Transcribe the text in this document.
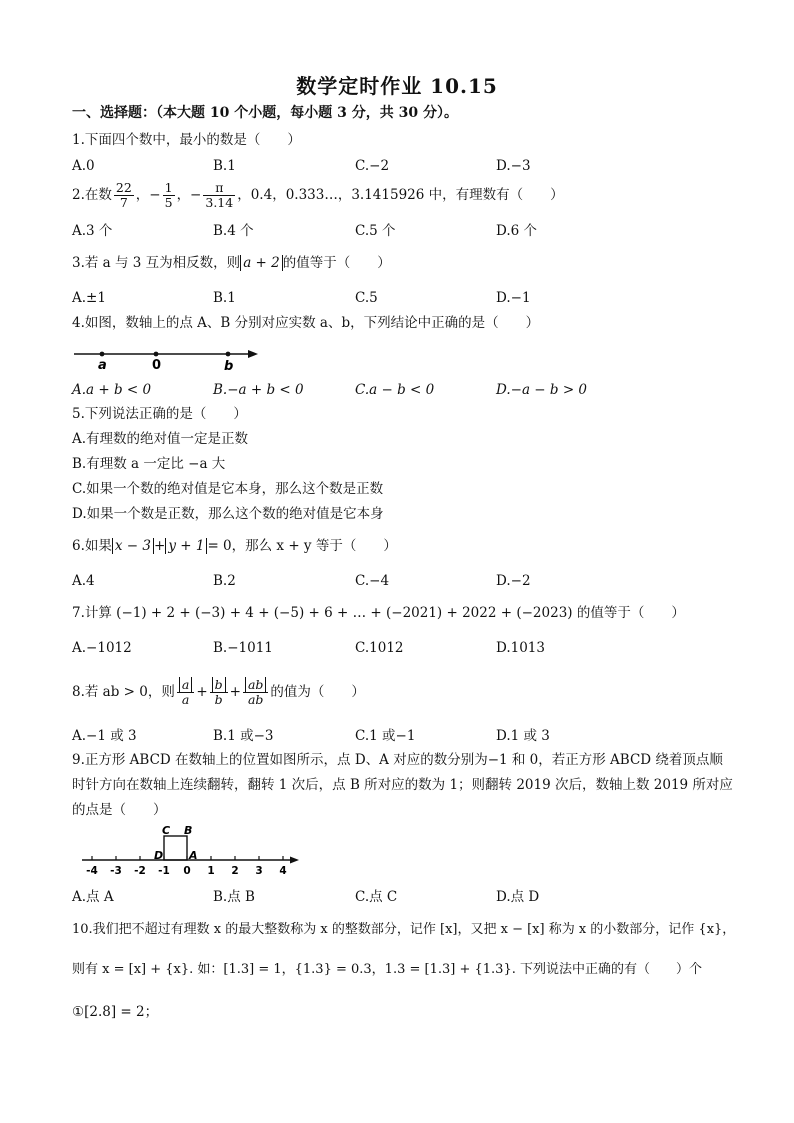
数学定时作业 10.15
一、选择题：（本大题 10 个小题，每小题 3 分，共 30 分）。
1.下面四个数中，最小的数是（　　）
A.0	B.1	C.−2	D.−3
2.在数 $\frac{22}{7}$ ，− $\frac{1}{5}$ ，− $\frac{\pi}{3.14}$ ，0.4，0.333…，3.1415926 中，有理数有（　　）
A.3 个	B.4 个	C.5 个	D.6 个
3.若 a 与 3 互为相反数，则 a + 2 的值等于（　　）
A.±1	B.1	C.5	D.−1
4.如图，数轴上的点 A、B 分别对应实数 a、b，下列结论中正确的是（　　）
a	0	b
A.a + b < 0	B.−a + b < 0	C.a − b < 0	D.−a − b > 0
5.下列说法正确的是（　　）
A.有理数的绝对值一定是正数
B.有理数 a 一定比 −a 大
C.如果一个数的绝对值是它本身，那么这个数是正数
D.如果一个数是正数，那么这个数的绝对值是它本身
6.如果 x − 3 + y + 1 = 0，那么 x + y 等于（　　）
A.4	B.2	C.−4	D.−2
7.计算 (−1) + 2 + (−3) + 4 + (−5) + 6 + … + (−2021) + 2022 + (−2023) 的值等于（　　）
A.−1012	B.−1011	C.1012	D.1013
8.若 ab > 0，则 $\frac{a}{a} + \frac{b}{b} + \frac{ab}{ab}$ 的值为（　　）
A.−1 或 3	B.1 或−3	C.1 或−1	D.1 或 3
9.正方形 ABCD 在数轴上的位置如图所示，点 D、A 对应的数分别为−1 和 0，若正方形 ABCD 绕着顶点顺
时针方向在数轴上连续翻转，翻转 1 次后，点 B 所对应的数为 1；则翻转 2019 次后，数轴上数 2019 所对应
的点是（　　）
-4 -3 -2 -1 0 1 2 3 4
C B
D A
A.点 A	B.点 B	C.点 C	D.点 D
10.我们把不超过有理数 x 的最大整数称为 x 的整数部分，记作 [x]，又把 x − [x] 称为 x 的小数部分，记作 {x}，
则有 x = [x] + {x}. 如：[1.3] = 1，{1.3} = 0.3，1.3 = [1.3] + {1.3}. 下列说法中正确的有（　　）个
①[2.8] = 2；
